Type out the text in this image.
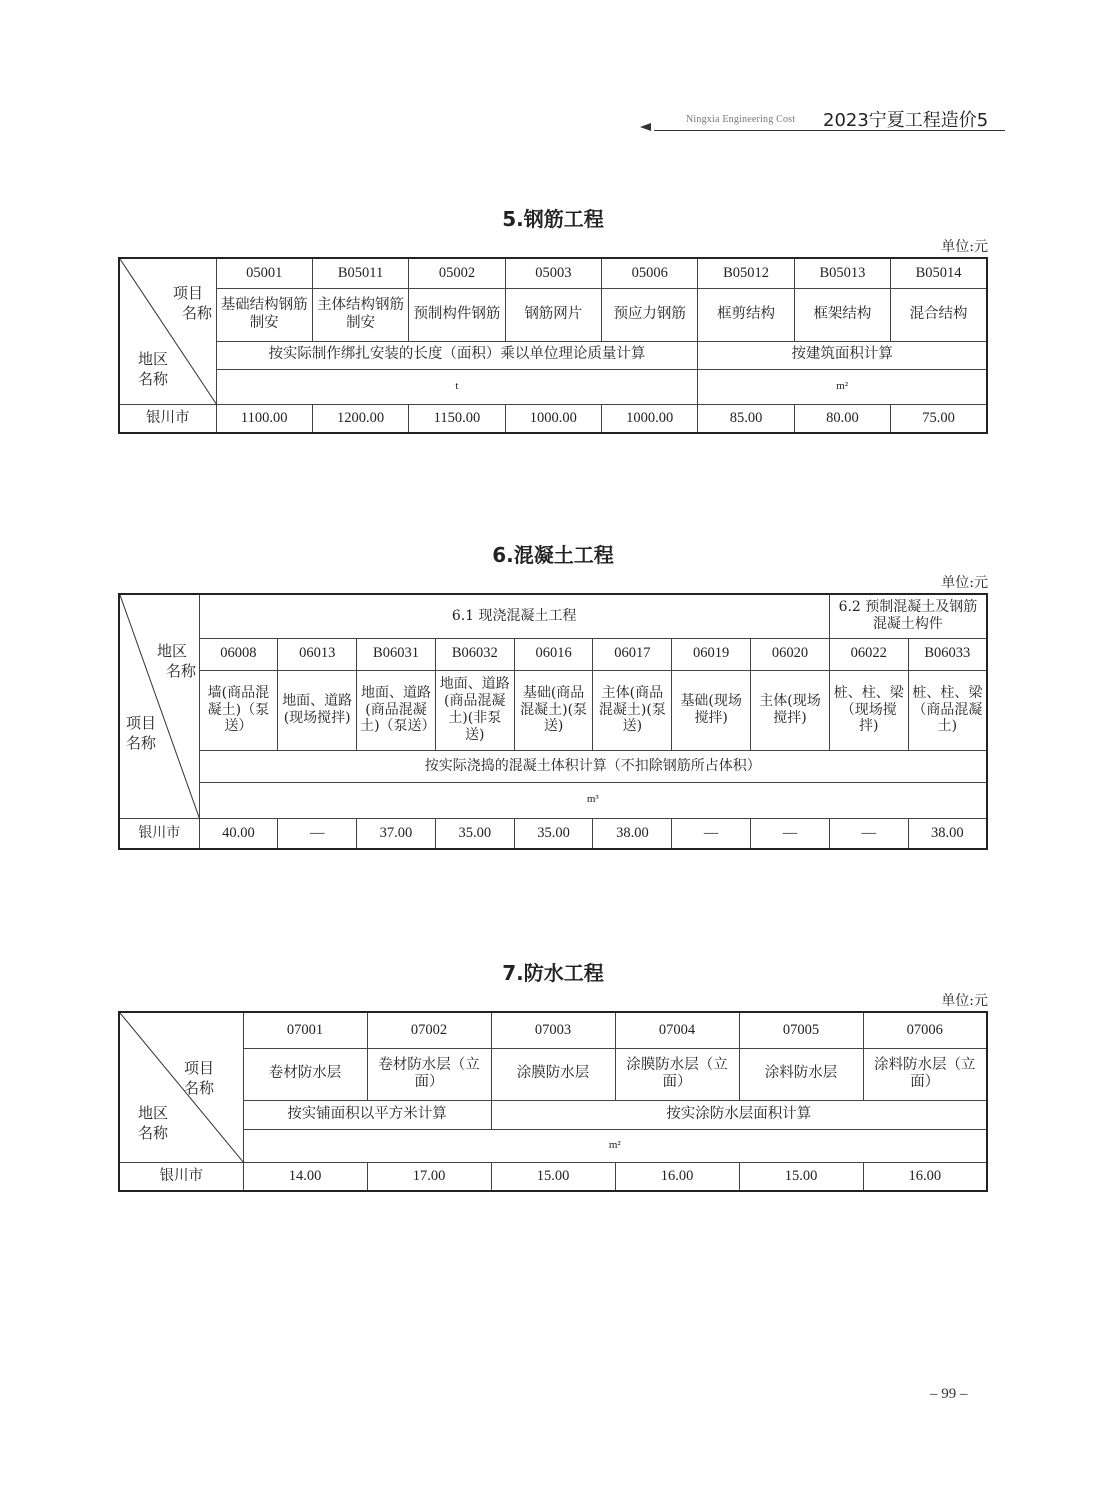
Ningxia Engineering Cost 2023宁夏工程造价5
5.钢筋工程
单位:元
项目
名称
地区
名称	05001	B05011	05002	05003	05006	B05012	B05013	B05014
	基础结构钢筋制安	主体结构钢筋制安	预制构件钢筋	钢筋网片	预应力钢筋	框剪结构	框架结构	混合结构
	按实际制作绑扎安装的长度（面积）乘以单位理论质量计算					按建筑面积计算		
	t					m²		
银川市	1100.00	1200.00	1150.00	1000.00	1000.00	85.00	80.00	75.00
6.混凝土工程
单位:元
地区
名称
项目
名称	6.1 现浇混凝土工程								6.2 预制混凝土及钢筋混凝土构件	
	06008	06013	B06031	B06032	06016	06017	06019	06020	06022	B06033
	墙(商品混凝土)（泵送）	地面、道路(现场搅拌)	地面、道路(商品混凝土)（泵送）	地面、道路(商品混凝土)(非泵送)	基础(商品混凝土)(泵送)	主体(商品混凝土)(泵送)	基础(现场搅拌)	主体(现场搅拌)	桩、柱、梁（现场搅拌)	桩、柱、梁（商品混凝土)
	按实际浇捣的混凝土体积计算（不扣除钢筋所占体积）									
	m³									
银川市	40.00	—	37.00	35.00	35.00	38.00	—	—	—	38.00
7.防水工程
单位:元
项目
名称
地区
名称	07001	07002	07003	07004	07005	07006
	卷材防水层	卷材防水层（立面）	涂膜防水层	涂膜防水层（立面）	涂料防水层	涂料防水层（立面）
	按实铺面积以平方米计算		按实涂防水层面积计算			
	m²					
银川市	14.00	17.00	15.00	16.00	15.00	16.00
– 99 –
